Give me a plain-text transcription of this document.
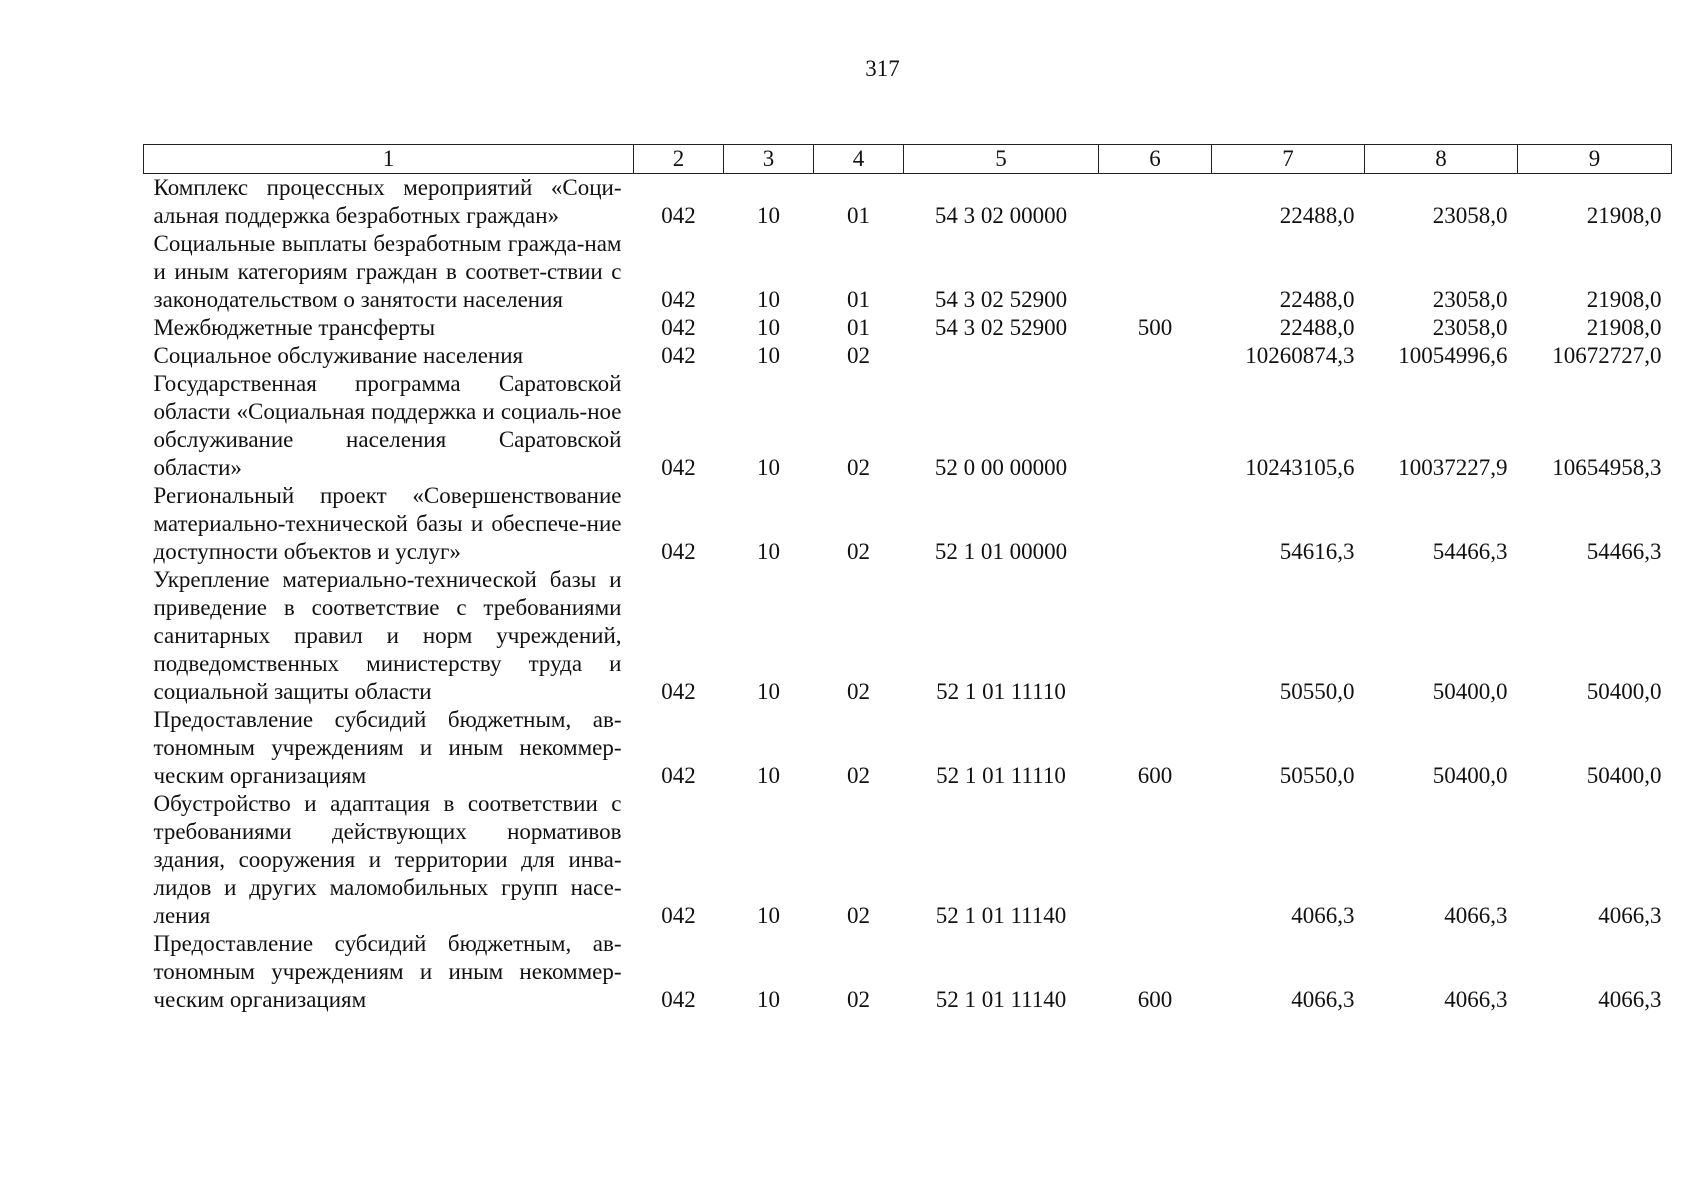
317
1	2	3	4	5	6	7	8	9
Комплекс процессных мероприятий «Соци-альная поддержка безработных граждан»	042	10	01	54 3 02 00000		22488,0	23058,0	21908,0
Социальные выплаты безработным гражда-нам и иным категориям граждан в соответ-ствии с законодательством о занятости населения	042	10	01	54 3 02 52900		22488,0	23058,0	21908,0
Межбюджетные трансферты	042	10	01	54 3 02 52900	500	22488,0	23058,0	21908,0
Социальное обслуживание населения	042	10	02			10260874,3	10054996,6	10672727,0
Государственная программа Саратовской области «Социальная поддержка и социаль-ное обслуживание населения Саратовской области»	042	10	02	52 0 00 00000		10243105,6	10037227,9	10654958,3
Региональный проект «Совершенствование материально-технической базы и обеспече-ние доступности объектов и услуг»	042	10	02	52 1 01 00000		54616,3	54466,3	54466,3
Укрепление материально-технической базы и приведение в соответствие с требованиями санитарных правил и норм учреждений, подведомственных министерству труда и социальной защиты области	042	10	02	52 1 01 11110		50550,0	50400,0	50400,0
Предоставление субсидий бюджетным, ав-тономным учреждениям и иным некоммер-ческим организациям	042	10	02	52 1 01 11110	600	50550,0	50400,0	50400,0
Обустройство и адаптация в соответствии с требованиями действующих нормативов здания, сооружения и территории для инва-лидов и других маломобильных групп насе-ления	042	10	02	52 1 01 11140		4066,3	4066,3	4066,3
Предоставление субсидий бюджетным, ав-тономным учреждениям и иным некоммер-ческим организациям	042	10	02	52 1 01 11140	600	4066,3	4066,3	4066,3
